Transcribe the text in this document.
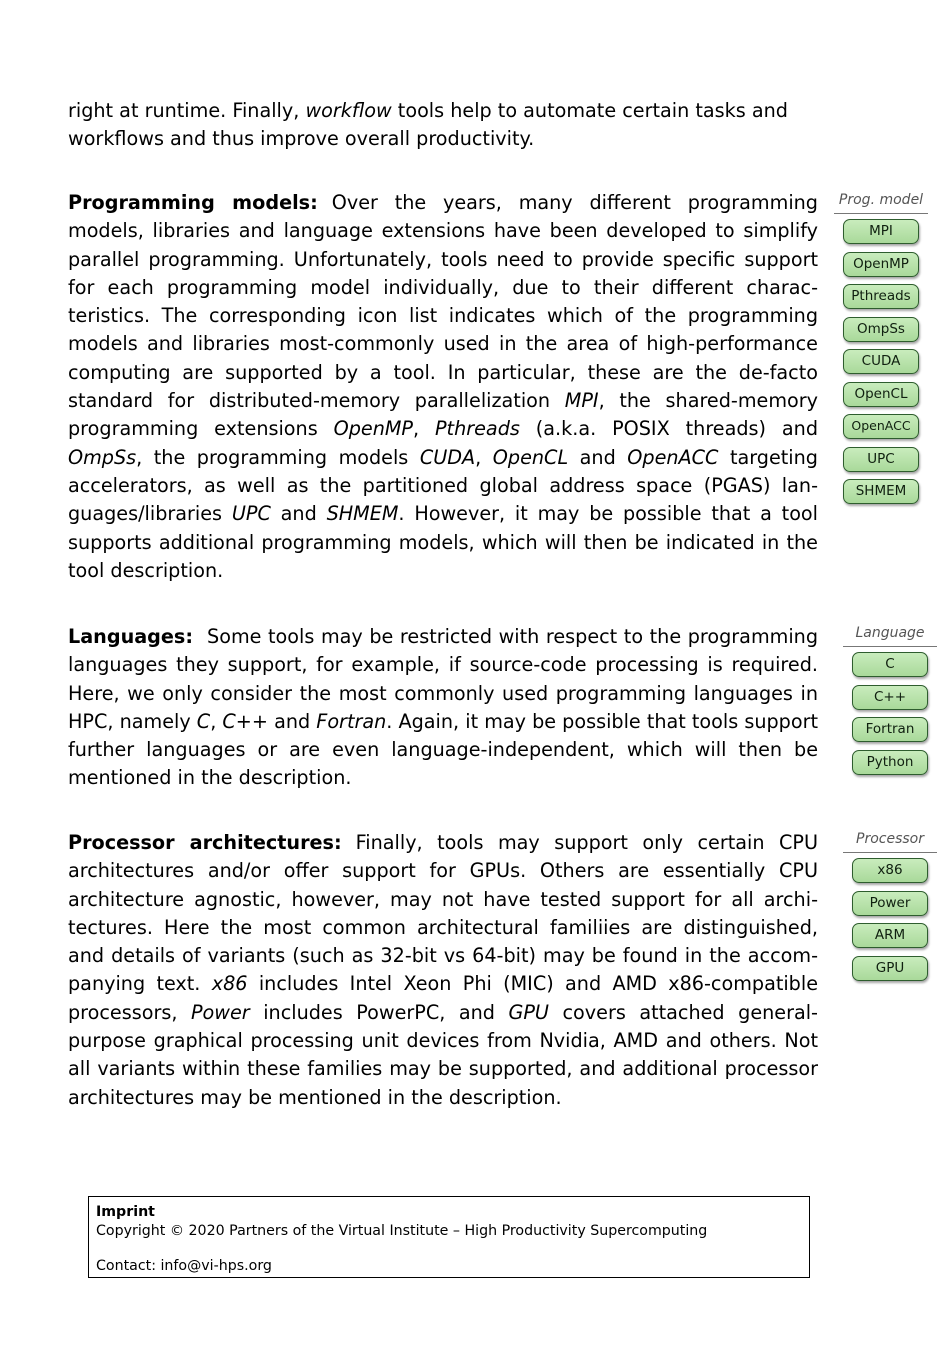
right at runtime. Finally, workflow tools help to automate certain tasks and
workflows and thus improve overall productivity.

Programming models: Over the years, many different programming models, libraries and language extensions have been developed to simplify parallel programming. Unfortunately, tools need to provide specific support for each programming model individually, due to their different characteristics. The corresponding icon list indicates which of the programming models and libraries most-commonly used in the area of high-performance computing are supported by a tool. In particular, these are the de-facto standard for distributed-memory parallelization MPI, the shared-memory programming extensions OpenMP, Pthreads (a.k.a. POSIX threads) and OmpSs, the programming models CUDA, OpenCL and OpenACC targeting accelerators, as well as the partitioned global address space (PGAS) languages/libraries UPC and SHMEM. However, it may be possible that a tool supports additional programming models, which will then be indicated in the tool description.

Prog. model
MPI
OpenMP
Pthreads
OmpSs
CUDA
OpenCL
OpenACC
UPC
SHMEM

Languages: Some tools may be restricted with respect to the programming languages they support, for example, if source-code processing is required. Here, we only consider the most commonly used programming languages in HPC, namely C, C++ and Fortran. Again, it may be possible that tools support further languages or are even language-independent, which will then be mentioned in the description.

Language
C
C++
Fortran
Python

Processor architectures: Finally, tools may support only certain CPU architectures and/or offer support for GPUs. Others are essentially CPU architecture agnostic, however, may not have tested support for all architectures. Here the most common architectural familiies are distinguished, and details of variants (such as 32-bit vs 64-bit) may be found in the accompanying text. x86 includes Intel Xeon Phi (MIC) and AMD x86-compatible processors, Power includes PowerPC, and GPU covers attached general-purpose graphical processing unit devices from Nvidia, AMD and others. Not all variants within these families may be supported, and additional processor architectures may be mentioned in the description.

Processor
x86
Power
ARM
GPU
Imprint
Copyright © 2020 Partners of the Virtual Institute – High Productivity Supercomputing
Contact: info@vi-hps.org
